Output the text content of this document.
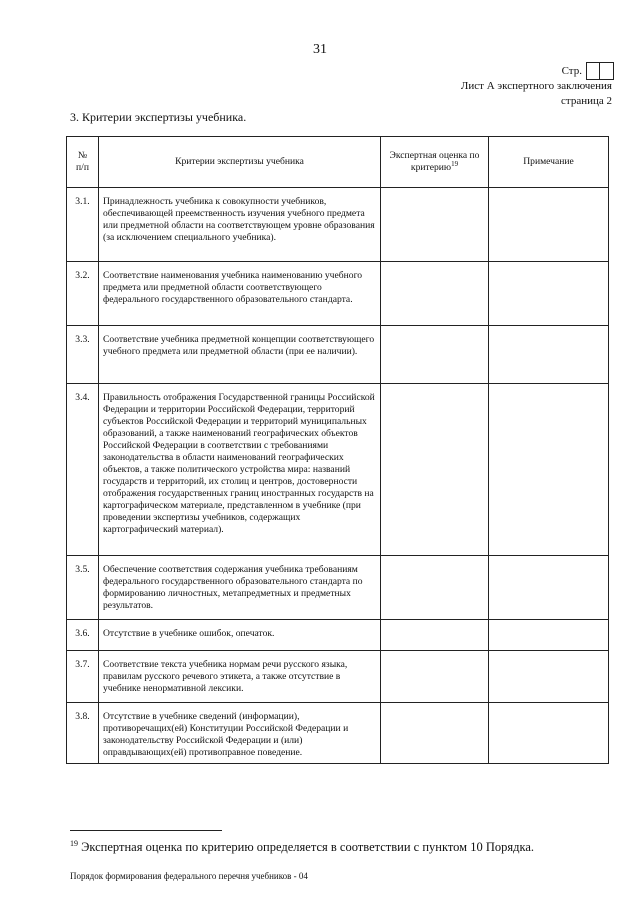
31
Стр.
Лист А экспертного заключения
страница 2
3. Критерии экспертизы учебника.
№
п/п	Критерии экспертизы учебника	Экспертная оценка по критерию$^{19}$	Примечание
3.1.	Принадлежность учебника к совокупности учебников, обеспечивающей преемственность изучения учебного предмета или предметной области на соответствующем уровне образования (за исключением специального учебника).		
3.2.	Соответствие наименования учебника наименованию учебного предмета или предметной области соответствующего федерального государственного образовательного стандарта.		
3.3.	Соответствие учебника предметной концепции соответствующего учебного предмета или предметной области (при ее наличии).		
3.4.	Правильность отображения Государственной границы Российской Федерации и территории Российской Федерации, территорий субъектов Российской Федерации и территорий муниципальных образований, а также наименований географических объектов Российской Федерации в соответствии с требованиями законодательства в области наименований географических объектов, а также политического устройства мира: названий государств и территорий, их столиц и центров, достоверности отображения государственных границ иностранных государств на картографическом материале, представленном в учебнике (при проведении экспертизы учебников, содержащих картографический материал).		
3.5.	Обеспечение соответствия содержания учебника требованиям федерального государственного образовательного стандарта по формированию личностных, метапредметных и предметных результатов.		
3.6.	Отсутствие в учебнике ошибок, опечаток.		
3.7.	Соответствие текста учебника нормам речи русского языка, правилам русского речевого этикета, а также отсутствие в учебнике ненормативной лексики.		
3.8.	Отсутствие в учебнике сведений (информации), противоречащих(ей) Конституции Российской Федерации и законодательству Российской Федерации и (или) оправдывающих(ей) противоправное поведение.		
$^{19}$ Экспертная оценка по критерию определяется в соответствии с пунктом 10 Порядка.
Порядок формирования федерального перечня учебников - 04
